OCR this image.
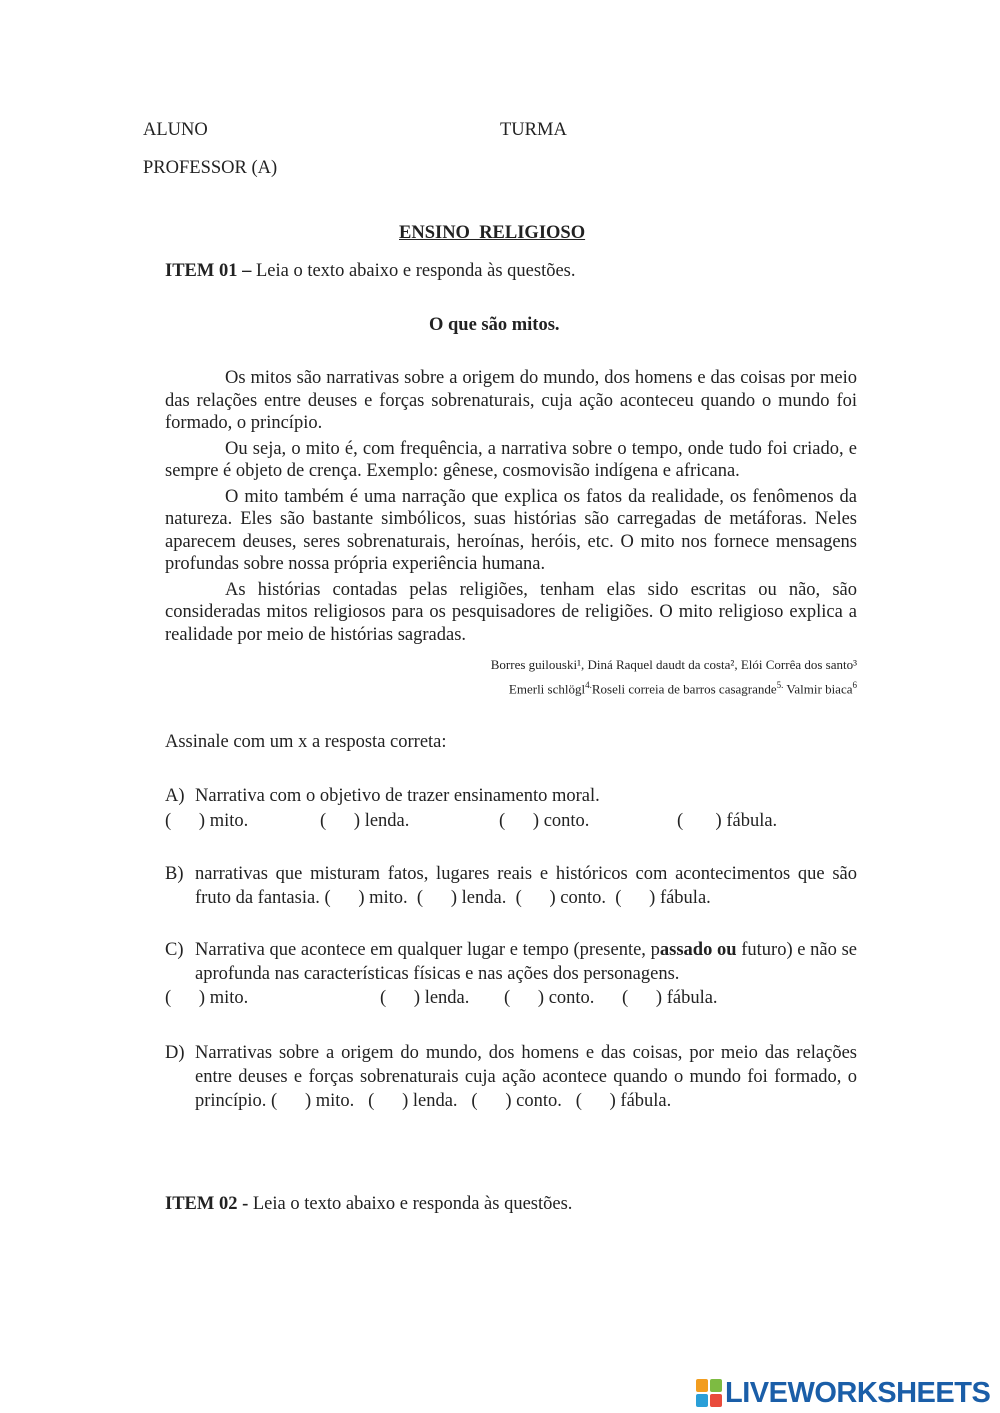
ALUNO	TURMA
PROFESSOR (A)
ENSINO  RELIGIOSO
ITEM 01 – Leia o texto abaixo e responda às questões.
O que são mitos.

Os mitos são narrativas sobre a origem do mundo, dos homens e das coisas por meio das relações entre deuses e forças sobrenaturais, cuja ação aconteceu quando o mundo foi formado, o princípio.

Ou seja, o mito é, com frequência, a narrativa sobre o tempo, onde tudo foi criado, e sempre é objeto de crença. Exemplo: gênese, cosmovisão indígena e africana.

O mito também é uma narração que explica os fatos da realidade, os fenômenos da natureza. Eles são bastante simbólicos, suas histórias são carregadas de metáforas. Neles aparecem deuses, seres sobrenaturais, heroínas, heróis, etc. O mito nos fornece mensagens profundas sobre nossa própria experiência humana.

As histórias contadas pelas religiões, tenham elas sido escritas ou não, são consideradas mitos religiosos para os pesquisadores de religiões. O mito religioso explica a realidade por meio de histórias sagradas.

Borres guilouski¹, Diná Raquel daudt da costa², Elói Corrêa dos santo³
Emerli schlögl$^{4.}$Roseli correia de barros casagrande$^{5.}$ Valmir biaca$^6$
Assinale com um x a resposta correta:
A) Narrativa com o objetivo de trazer ensinamento moral.
(      ) mito.	(      ) lenda.	(      ) conto.	(       ) fábula.
B) narrativas que misturam fatos, lugares reais e históricos com acontecimentos que são fruto da fantasia. (      ) mito.  (      ) lenda.  (      ) conto.  (      ) fábula.
C) Narrativa que acontece em qualquer lugar e tempo (presente, passado ou futuro) e não se aprofunda nas características físicas e nas ações dos personagens.
(      ) mito.	(      ) lenda. (      ) conto. (      ) fábula.
D) Narrativas sobre a origem do mundo, dos homens e das coisas, por meio das relações entre deuses e forças sobrenaturais cuja ação acontece quando o mundo foi formado, o princípio. (      ) mito.   (      ) lenda.   (      ) conto.   (      ) fábula.
ITEM 02 - Leia o texto abaixo e responda às questões.
LIVEWORKSHEETS
